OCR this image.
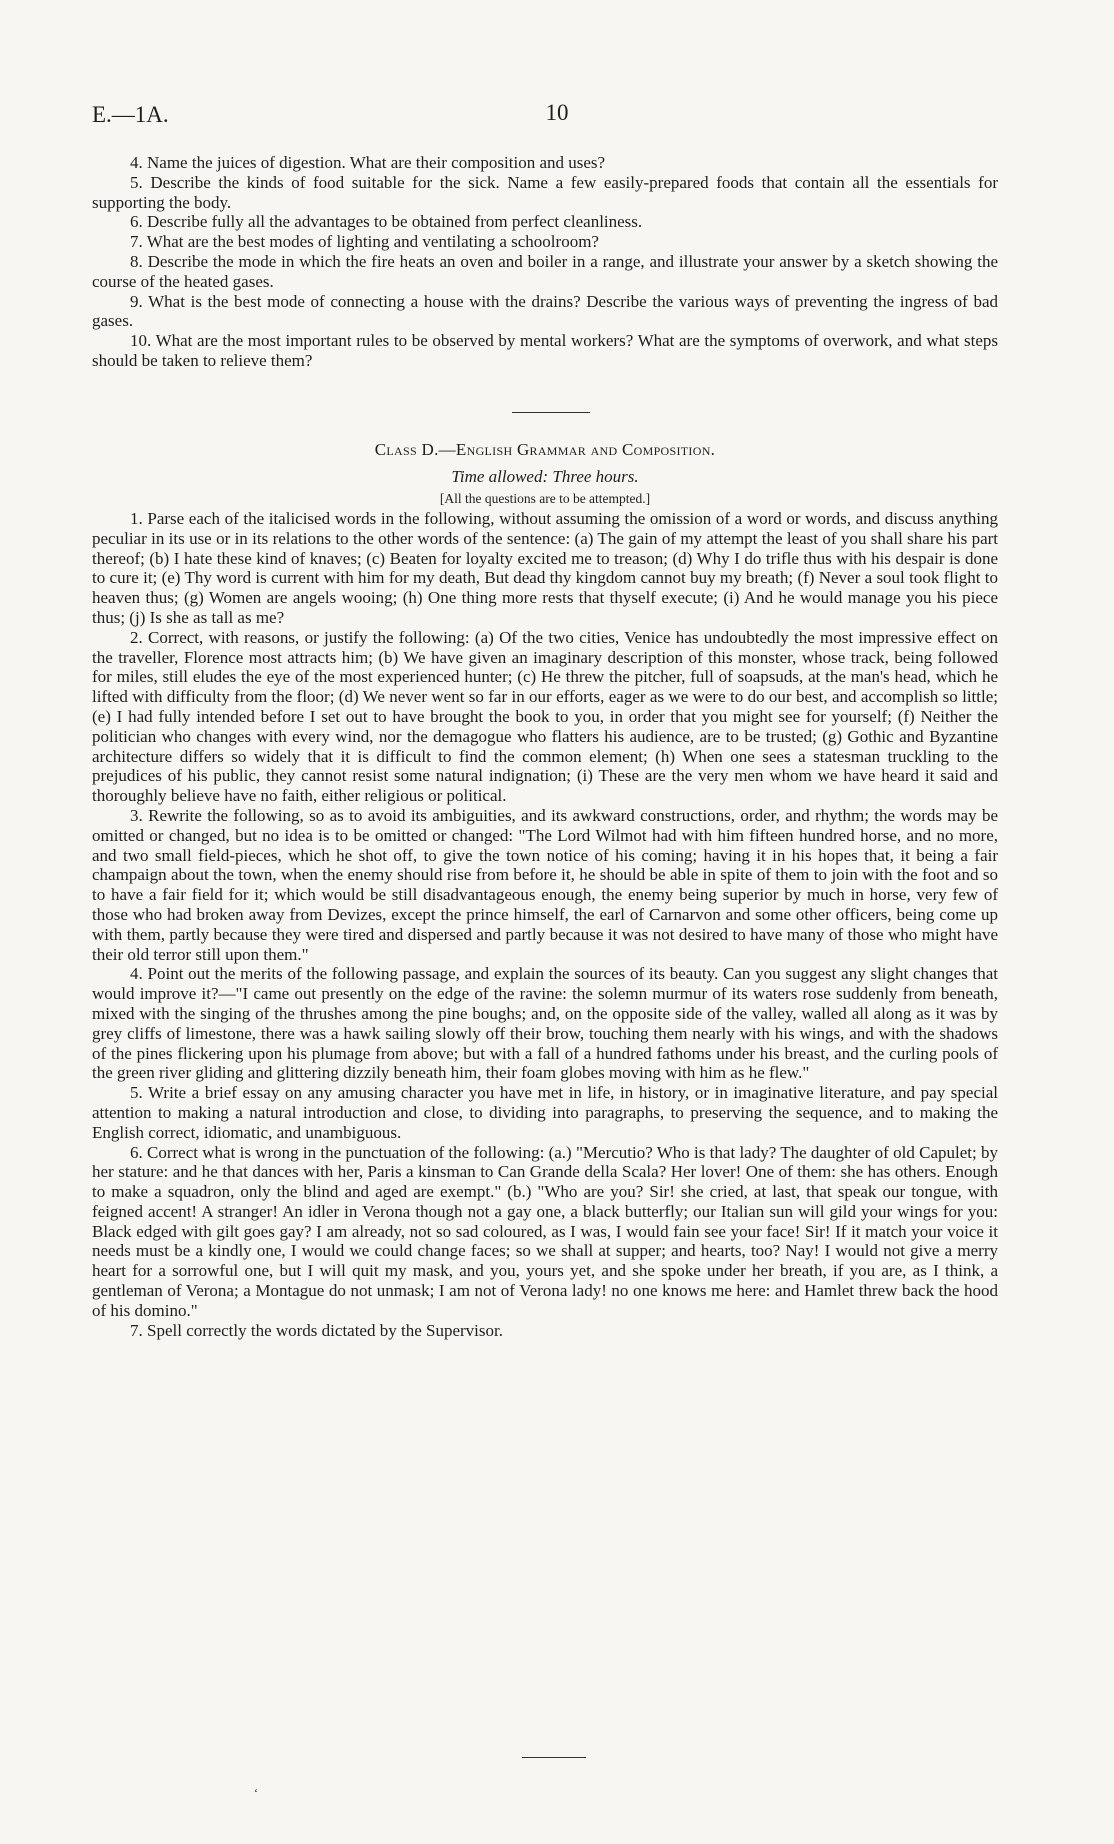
E.—1A.	10

4. Name the juices of digestion. What are their composition and uses?

5. Describe the kinds of food suitable for the sick. Name a few easily-prepared foods that contain all the essentials for supporting the body.

6. Describe fully all the advantages to be obtained from perfect cleanliness.

7. What are the best modes of lighting and ventilating a schoolroom?

8. Describe the mode in which the fire heats an oven and boiler in a range, and illustrate your answer by a sketch showing the course of the heated gases.

9. What is the best mode of connecting a house with the drains? Describe the various ways of preventing the ingress of bad gases.

10. What are the most important rules to be observed by mental workers? What are the symptoms of overwork, and what steps should be taken to relieve them?

Class D.—English Grammar and Composition.

Time allowed: Three hours.

[All the questions are to be attempted.]

1. Parse each of the italicised words in the following, without assuming the omission of a word or words, and discuss anything peculiar in its use or in its relations to the other words of the sentence: (a) The gain of my attempt the least of you shall share his part thereof; (b) I hate these kind of knaves; (c) Beaten for loyalty excited me to treason; (d) Why I do trifle thus with his despair is done to cure it; (e) Thy word is current with him for my death, But dead thy kingdom cannot buy my breath; (f) Never a soul took flight to heaven thus; (g) Women are angels wooing; (h) One thing more rests that thyself execute; (i) And he would manage you his piece thus; (j) Is she as tall as me?

2. Correct, with reasons, or justify the following: (a) Of the two cities, Venice has undoubtedly the most impressive effect on the traveller, Florence most attracts him; (b) We have given an imaginary description of this monster, whose track, being followed for miles, still eludes the eye of the most experienced hunter; (c) He threw the pitcher, full of soapsuds, at the man's head, which he lifted with difficulty from the floor; (d) We never went so far in our efforts, eager as we were to do our best, and accomplish so little; (e) I had fully intended before I set out to have brought the book to you, in order that you might see for yourself; (f) Neither the politician who changes with every wind, nor the demagogue who flatters his audience, are to be trusted; (g) Gothic and Byzantine architecture differs so widely that it is difficult to find the common element; (h) When one sees a statesman truckling to the prejudices of his public, they cannot resist some natural indignation; (i) These are the very men whom we have heard it said and thoroughly believe have no faith, either religious or political.

3. Rewrite the following, so as to avoid its ambiguities, and its awkward constructions, order, and rhythm; the words may be omitted or changed, but no idea is to be omitted or changed: "The Lord Wilmot had with him fifteen hundred horse, and no more, and two small field-pieces, which he shot off, to give the town notice of his coming; having it in his hopes that, it being a fair champaign about the town, when the enemy should rise from before it, he should be able in spite of them to join with the foot and so to have a fair field for it; which would be still disadvantageous enough, the enemy being superior by much in horse, very few of those who had broken away from Devizes, except the prince himself, the earl of Carnarvon and some other officers, being come up with them, partly because they were tired and dispersed and partly because it was not desired to have many of those who might have their old terror still upon them."

4. Point out the merits of the following passage, and explain the sources of its beauty. Can you suggest any slight changes that would improve it?—"I came out presently on the edge of the ravine: the solemn murmur of its waters rose suddenly from beneath, mixed with the singing of the thrushes among the pine boughs; and, on the opposite side of the valley, walled all along as it was by grey cliffs of limestone, there was a hawk sailing slowly off their brow, touching them nearly with his wings, and with the shadows of the pines flickering upon his plumage from above; but with a fall of a hundred fathoms under his breast, and the curling pools of the green river gliding and glittering dizzily beneath him, their foam globes moving with him as he flew."

5. Write a brief essay on any amusing character you have met in life, in history, or in imaginative literature, and pay special attention to making a natural introduction and close, to dividing into paragraphs, to preserving the sequence, and to making the English correct, idiomatic, and unambiguous.

6. Correct what is wrong in the punctuation of the following: (a.) "Mercutio? Who is that lady? The daughter of old Capulet; by her stature: and he that dances with her, Paris a kinsman to Can Grande della Scala? Her lover! One of them: she has others. Enough to make a squadron, only the blind and aged are exempt." (b.) "Who are you? Sir! she cried, at last, that speak our tongue, with feigned accent! A stranger! An idler in Verona though not a gay one, a black butterfly; our Italian sun will gild your wings for you: Black edged with gilt goes gay? I am already, not so sad coloured, as I was, I would fain see your face! Sir! If it match your voice it needs must be a kindly one, I would we could change faces; so we shall at supper; and hearts, too? Nay! I would not give a merry heart for a sorrowful one, but I will quit my mask, and you, yours yet, and she spoke under her breath, if you are, as I think, a gentleman of Verona; a Montague do not unmask; I am not of Verona lady! no one knows me here: and Hamlet threw back the hood of his domino."

7. Spell correctly the words dictated by the Supervisor.

‘
